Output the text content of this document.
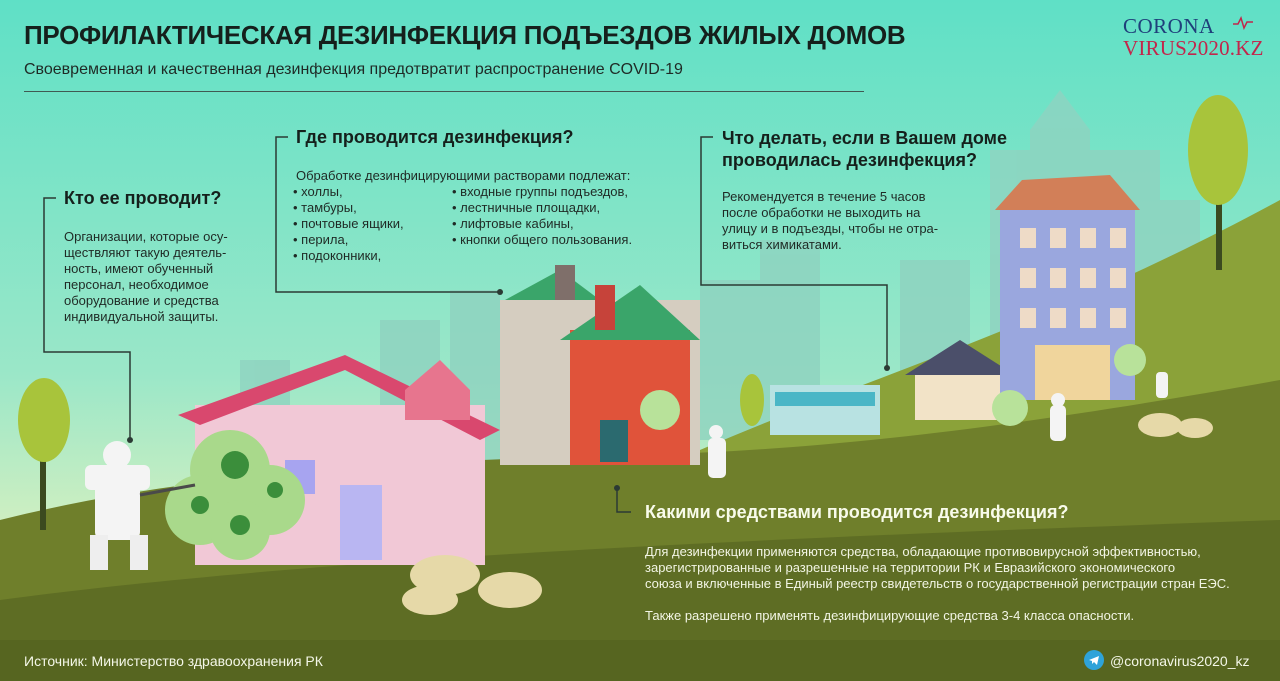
ПРОФИЛАКТИЧЕСКАЯ ДЕЗИНФЕКЦИЯ ПОДЪЕЗДОВ ЖИЛЫХ ДОМОВ
Своевременная и качественная дезинфекция предотвратит распространение COVID-19
CORONA
VIRUS2020.KZ
Кто ее проводит?
Организации, которые осу-
ществляют такую деятель-
ность, имеют обученный
персонал, необходимое
оборудование и средства
индивидуальной защиты.
Где проводится дезинфекция?
Обработке дезинфицирующими растворами подлежат:
• холлы,
• тамбуры,
• почтовые ящики,
• перила,
• подоконники,
• входные группы подъездов,
• лестничные площадки,
• лифтовые кабины,
• кнопки общего пользования.
Что делать, если в Вашем доме
проводилась дезинфекция?
Рекомендуется в течение 5 часов
после обработки не выходить на
улицу и в подъезды, чтобы не отра-
виться химикатами.
Какими средствами проводится дезинфекция?
Для дезинфекции применяются средства, обладающие противовирусной эффективностью,
зарегистрированные и разрешенные на территории РК и Евразийского экономического
союза и включенные в Единый реестр свидетельств о государственной регистрации стран ЕЭС.
Также разрешено применять дезинфицирующие средства 3-4 класса опасности.
Источник: Министерство здравоохранения РК	@coronavirus2020_kz
